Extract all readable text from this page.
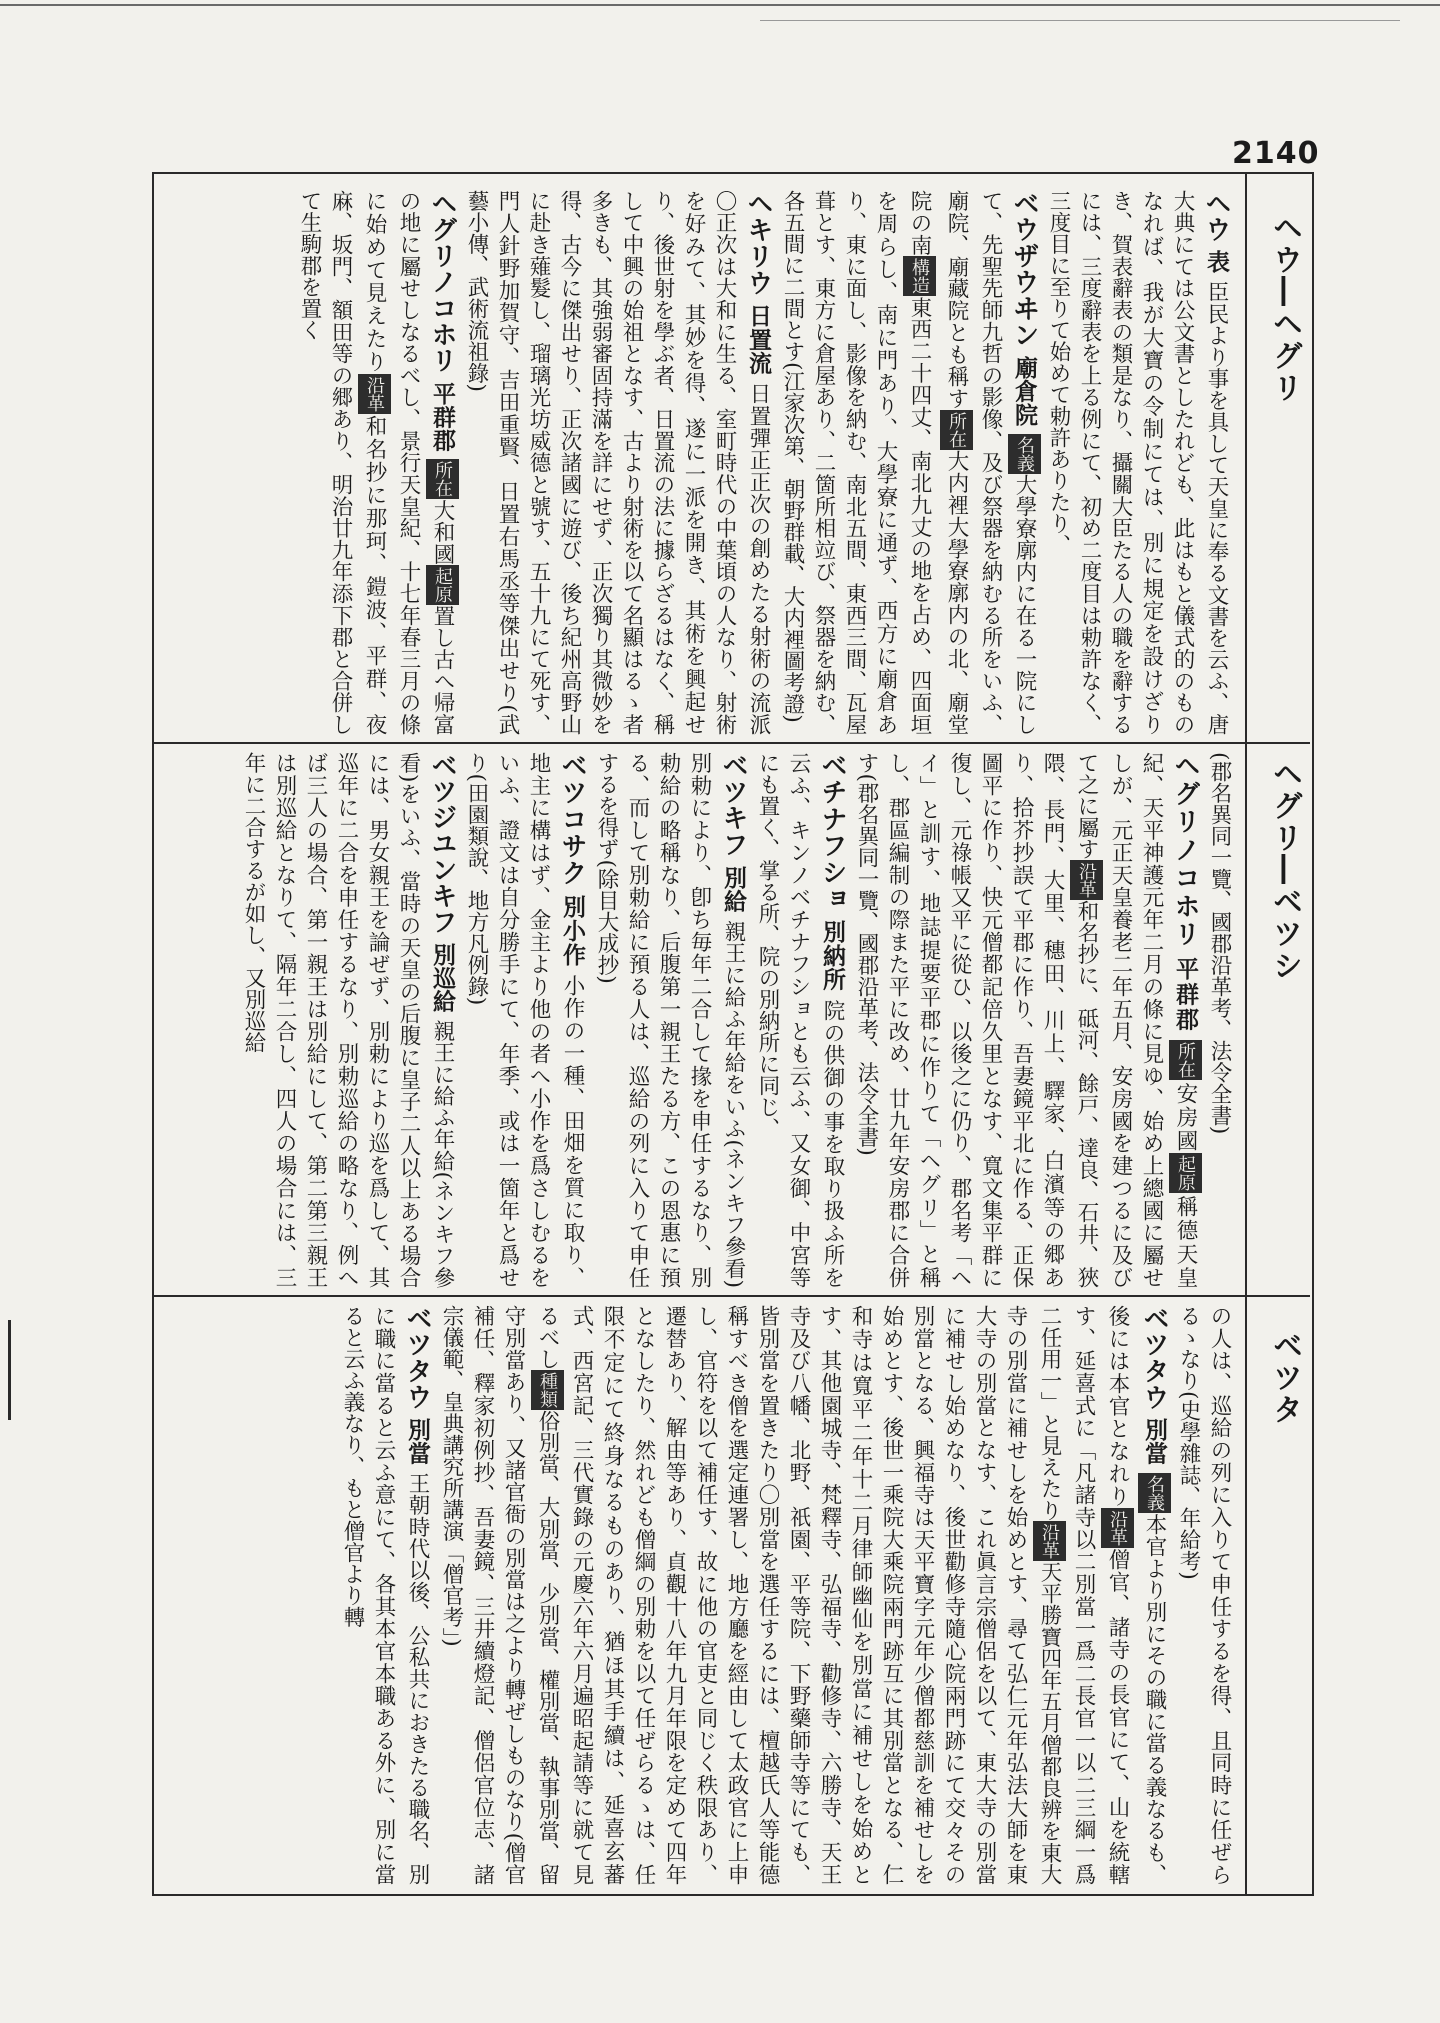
2140
ヘウ―ヘグリ
ヘグリ―ベツシ
ベツタ
ヘウ表臣民より事を具して天皇に奉る文書を云ふ、唐大典にては公文書としたれども、此はもと儀式的のものなれば、我が大寶の令制にては、別に規定を設けざりき、賀表辭表の類是なり、攝關大臣たる人の職を辭するには、三度辭表を上る例にて、初め二度目は勅許なく、三度目に至りて始めて勅許ありたり、
ベウザウヰン廟倉院名義大學寮廓内に在る一院にして、先聖先師九哲の影像、及び祭器を納むる所をいふ、廟院、廟藏院とも稱す所在大内裡大學寮廓内の北、廟堂院の南構造東西二十四丈、南北九丈の地を占め、四面垣を周らし、南に門あり、大學寮に通ず、西方に廟倉あり、東に面し、影像を納む、南北五間、東西三間、瓦屋葺とす、東方に倉屋あり、二箇所相竝び、祭器を納む、各五間に二間とす(江家次第、朝野群載、大内裡圖考證)
ヘキリウ日置流日置彈正正次の創めたる射術の流派〇正次は大和に生る、室町時代の中葉頃の人なり、射術を好みて、其妙を得、遂に一派を開き、其術を興起せり、後世射を學ぶ者、日置流の法に據らざるはなく、稱して中興の始祖となす、古より射術を以て名顯はるゝ者多きも、其強弱審固持滿を詳にせず、正次獨り其微妙を得、古今に傑出せり、正次諸國に遊び、後ち紀州高野山に赴き薙髮し、瑠璃光坊威德と號す、五十九にて死す、門人針野加賀守、吉田重賢、日置右馬丞等傑出せり(武藝小傳、武術流祖錄)
ヘグリノコホリ平群郡所在大和國起原置し古へ帰富の地に屬せしなるべし、景行天皇紀、十七年春三月の條に始めて見えたり沿革和名抄に那珂、鎧波、平群、夜麻、坂門、額田等の郷あり、明治廿九年添下郡と合併して生駒郡を置く
(郡名異同一覽、國郡沿革考、法令全書)
ヘグリノコホリ平群郡所在安房國起原稱德天皇紀、天平神護元年二月の條に見ゆ、始め上總國に屬せしが、元正天皇養老二年五月、安房國を建つるに及びて之に屬す沿革和名抄に、砥河、餘戸、達良、石井、狹隈、長門、大里、穗田、川上、驛家、白濱等の郷あり、拾芥抄誤て平郡に作り、吾妻鏡平北に作る、正保圖平に作り、快元僧都記倍久里となす、寬文集平群に復し、元祿帳又平に從ひ、以後之に仍り、郡名考「ヘイ」と訓す、地誌提要平郡に作りて「ヘグリ」と稱し、郡區編制の際また平に改め、廿九年安房郡に合併す(郡名異同一覽、國郡沿革考、法令全書)
ベチナフショ別納所院の供御の事を取り扱ふ所を云ふ、キンノベチナフショとも云ふ、又女御、中宮等にも置く、掌る所、院の別納所に同じ、
ベツキフ別給親王に給ふ年給をいふ(ネンキフ參看)別勅により、卽ち毎年二合して掾を申任するなり、別勅給の略稱なり、后腹第一親王たる方、この恩惠に預る、而して別勅給に預る人は、巡給の列に入りて申任するを得ず(除目大成抄)
ベツコサク別小作小作の一種、田畑を質に取り、地主に構はず、金主より他の者へ小作を爲さしむるをいふ、證文は自分勝手にて、年季、或は一箇年と爲せり(田園類說、地方凡例錄)
ベツジユンキフ別巡給親王に給ふ年給(ネンキフ參看)をいふ、當時の天皇の后腹に皇子二人以上ある場合には、男女親王を論ぜず、別勅により巡を爲して、其巡年に二合を申任するなり、別勅巡給の略なり、例へば三人の場合、第一親王は別給にして、第二第三親王は別巡給となりて、隔年二合し、四人の場合には、三年に二合するが如し、又別巡給
の人は、巡給の列に入りて申任するを得、且同時に任ぜらるゝなり(史學雜誌、年給考)
ベツタウ別當名義本官より別にその職に當る義なるも、後には本官となれり沿革僧官、諸寺の長官にて、山を統轄す、延喜式に「凡諸寺以二別當一爲二長官一以二三綱一爲二任用一」と見えたり沿革天平勝寶四年五月僧都良辨を東大寺の別當に補せしを始めとす、尋て弘仁元年弘法大師を東大寺の別當となす、これ眞言宗僧侶を以て、東大寺の別當に補せし始めなり、後世勸修寺隨心院兩門跡にて交々その別當となる、興福寺は天平寶字元年少僧都慈訓を補せしを始めとす、後世一乘院大乘院兩門跡互に其別當となる、仁和寺は寬平二年十二月律師幽仙を別當に補せしを始めとす、其他園城寺、梵釋寺、弘福寺、勸修寺、六勝寺、天王寺及び八幡、北野、祇園、平等院、下野藥師寺等にても、皆別當を置きたり〇別當を選任するには、檀越氏人等能德稱すべき僧を選定連署し、地方廳を經由して太政官に上申し、官符を以て補任す、故に他の官吏と同じく秩限あり、遷替あり、解由等あり、貞觀十八年九月年限を定めて四年となしたり、然れども僧綱の別勅を以て任ぜらるゝは、任限不定にて終身なるものあり、猶ほ其手續は、延喜玄蕃式、西宮記、三代實錄の元慶六年六月遍昭起請等に就て見るべし種類俗別當、大別當、少別當、權別當、執事別當、留守別當あり、又諸官衙の別當は之より轉ぜしものなり(僧官補任、釋家初例抄、吾妻鏡、三井續燈記、僧侶官位志、諸宗儀範、皇典講究所講演「僧官考」)
ベツタウ別當王朝時代以後、公私共におきたる職名、別に職に當ると云ふ意にて、各其本官本職ある外に、別に當ると云ふ義なり、もと僧官より轉
